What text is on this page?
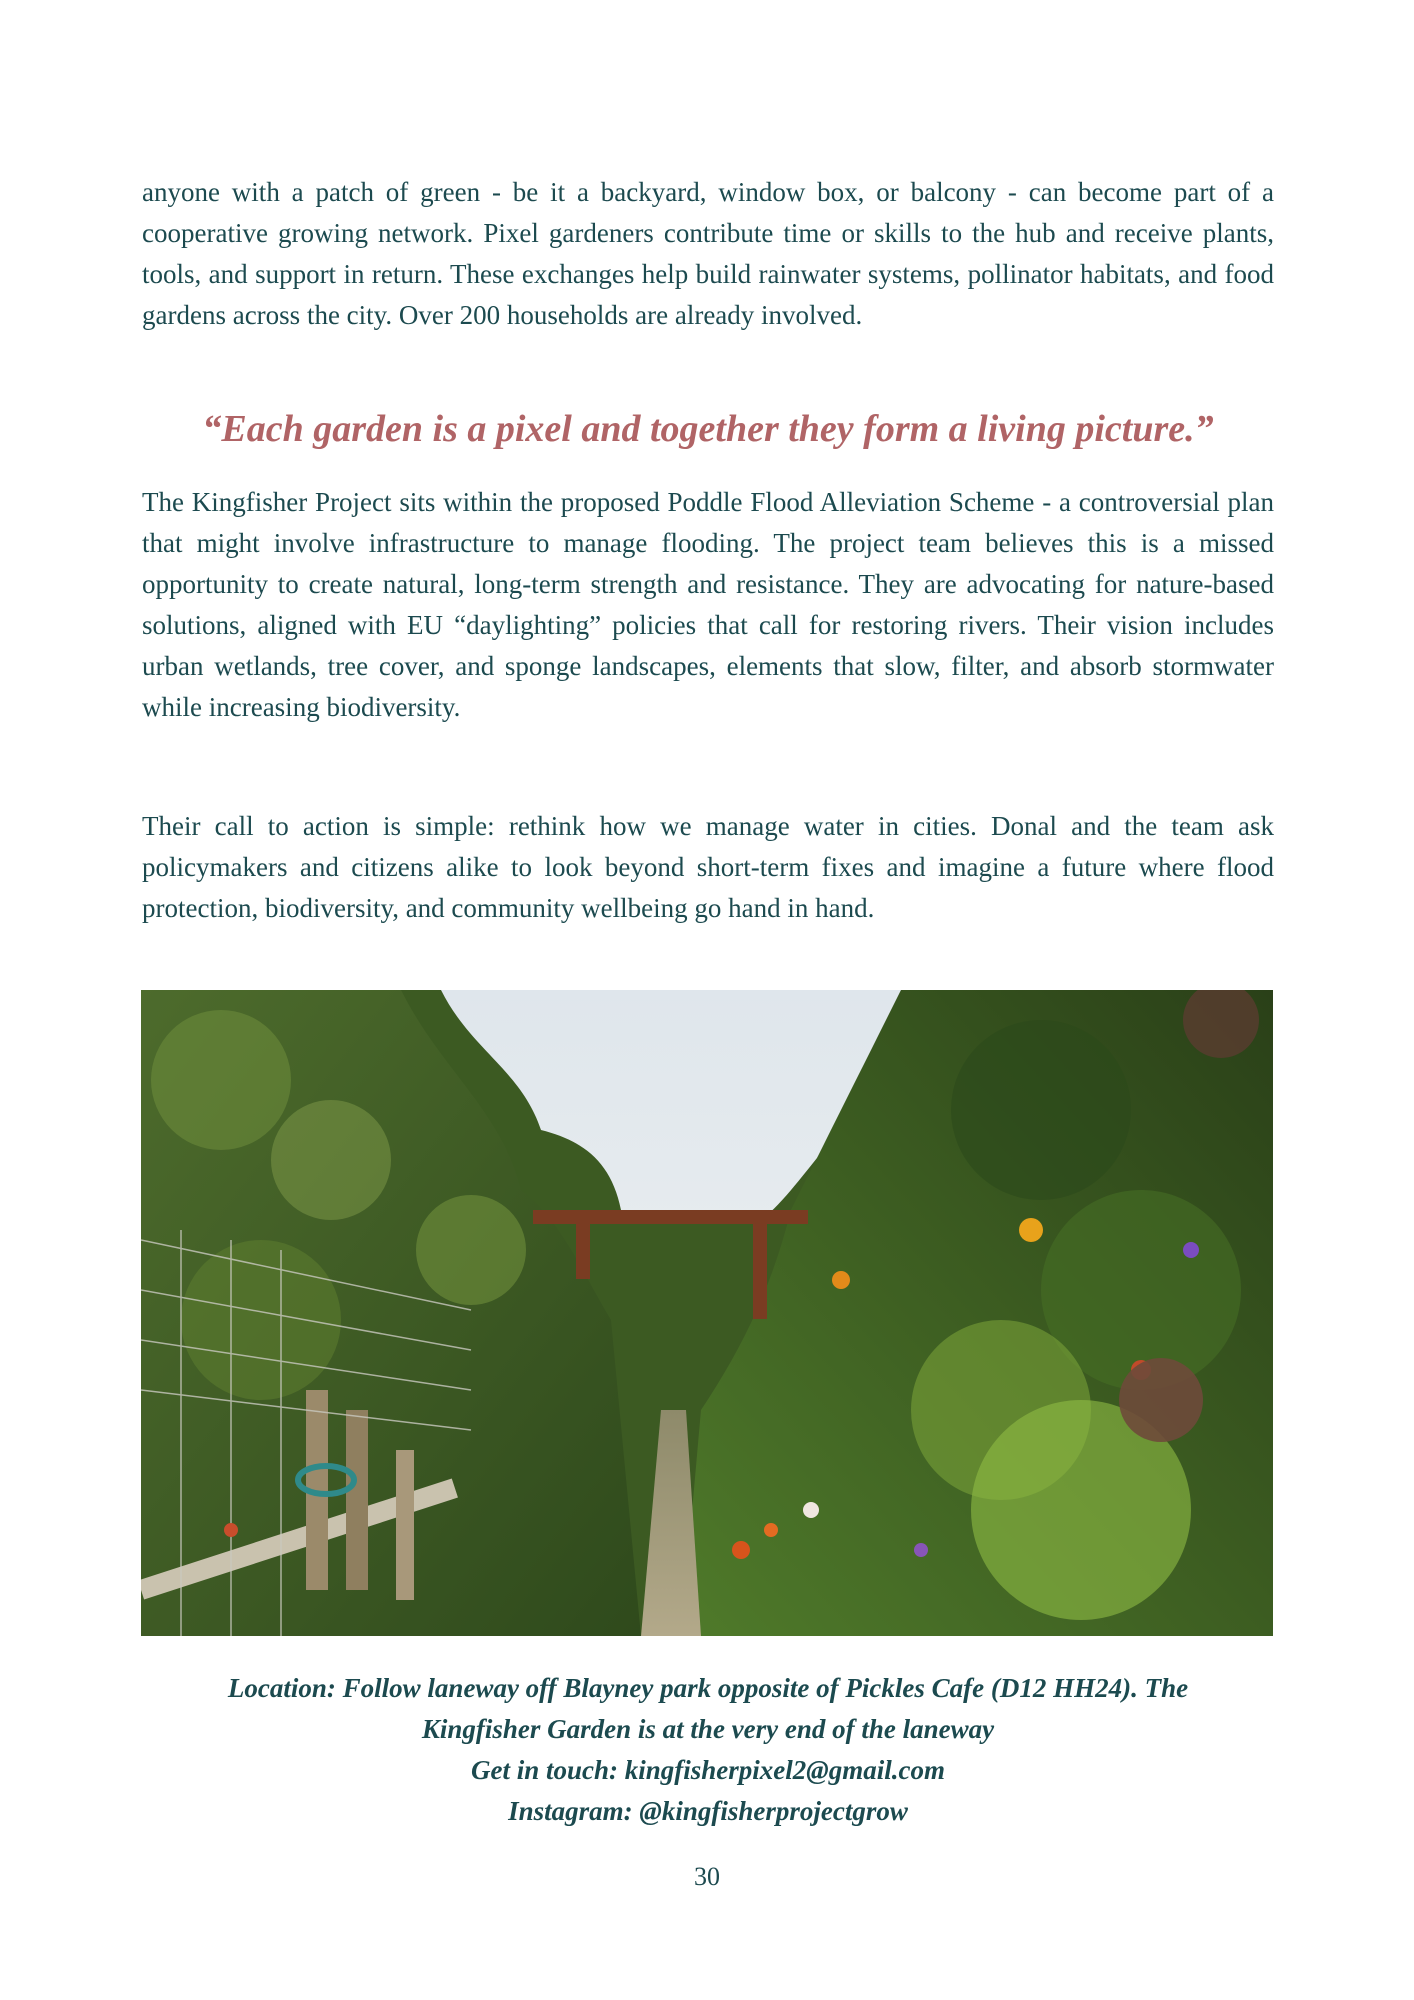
anyone with a patch of green - be it a backyard, window box, or balcony - can become part of a cooperative growing network. Pixel gardeners contribute time or skills to the hub and receive plants, tools, and support in return. These exchanges help build rainwater systems, pollinator habitats, and food gardens across the city. Over 200 households are already involved.

“Each garden is a pixel and together they form a living picture.”

The Kingfisher Project sits within the proposed Poddle Flood Alleviation Scheme - a controversial plan that might involve infrastructure to manage flooding. The project team believes this is a missed opportunity to create natural, long-term strength and resistance. They are advocating for nature-based solutions, aligned with EU “daylighting” policies that call for restoring rivers. Their vision includes urban wetlands, tree cover, and sponge landscapes, elements that slow, filter, and absorb stormwater while increasing biodiversity.

Their call to action is simple: rethink how we manage water in cities. Donal and the team ask policymakers and citizens alike to look beyond short-term fixes and imagine a future where flood protection, biodiversity, and community wellbeing go hand in hand.

Location: Follow laneway off Blayney park opposite of Pickles Cafe (D12 HH24). The Kingfisher Garden is at the very end of the laneway
Get in touch: kingfisherpixel2@gmail.com
Instagram: @kingfisherprojectgrow
30
